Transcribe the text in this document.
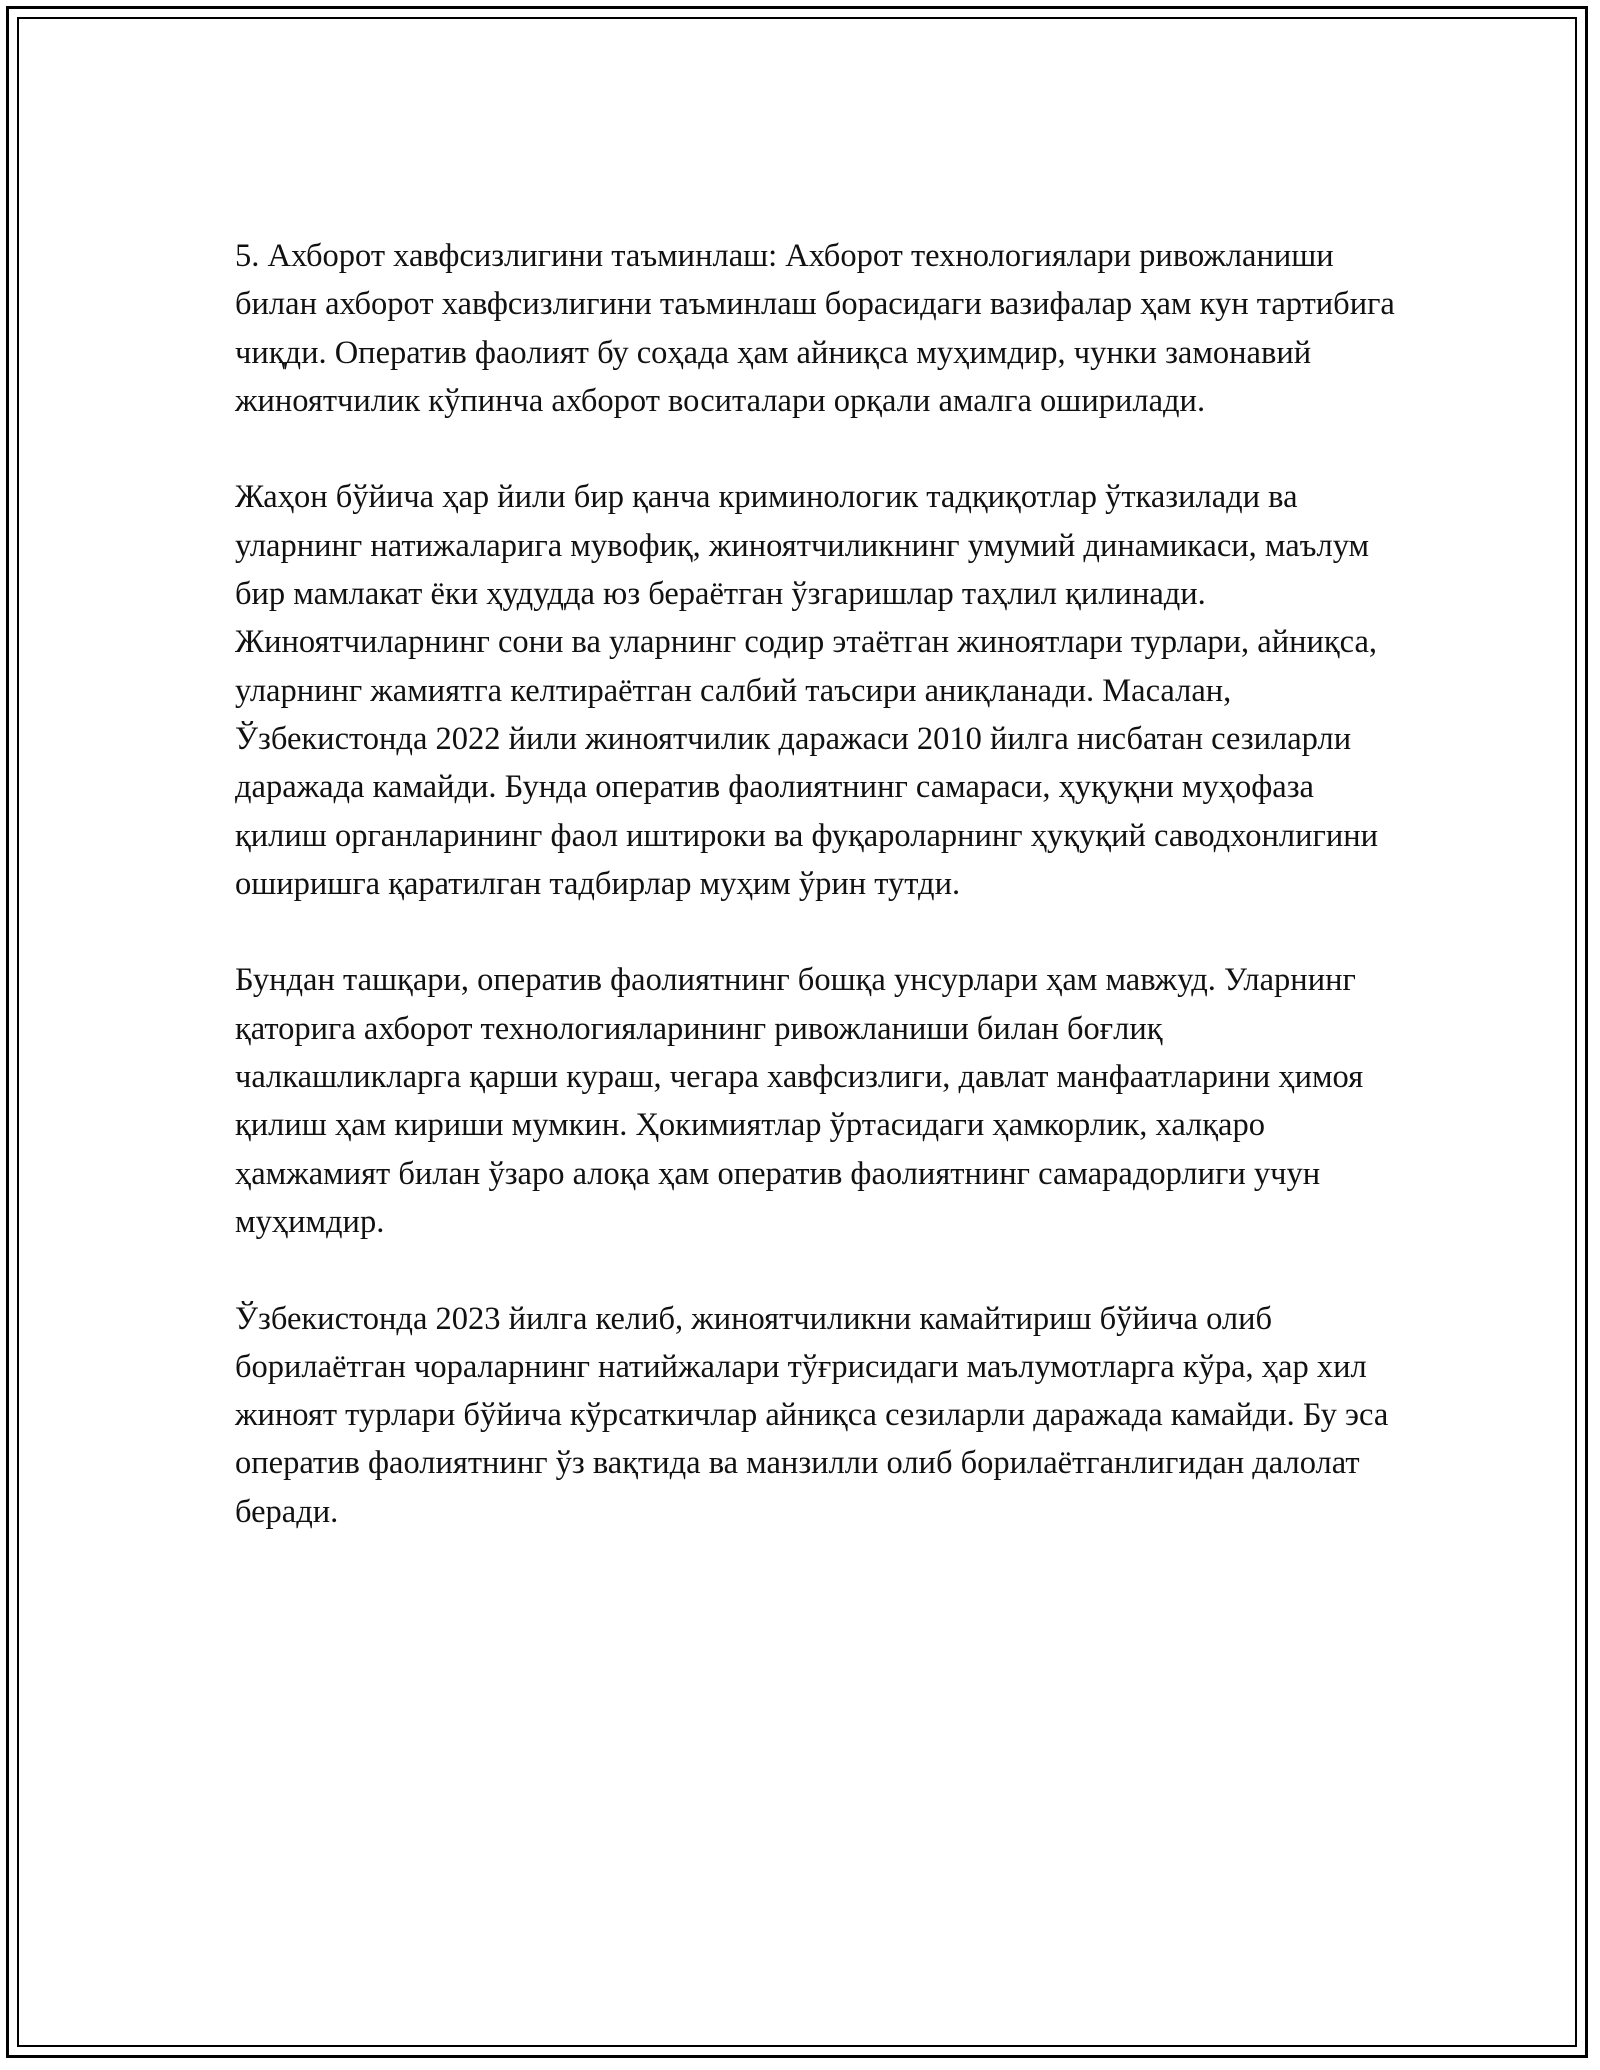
5. Ахборот хавфсизлигини таъминлаш: Ахборот технологиялари ривожланиши билан ахборот хавфсизлигини таъминлаш борасидаги вазифалар ҳам кун тартибига чиқди. Оператив фаолият бу соҳада ҳам айниқса муҳимдир, чунки замонавий жиноятчилик кўпинча ахборот воситалари орқали амалга оширилади.

Жаҳон бўйича ҳар йили бир қанча криминологик тадқиқотлар ўтказилади ва уларнинг натижаларига мувофиқ, жиноятчиликнинг умумий динамикаси, маълум бир мамлакат ёки ҳудудда юз бераётган ўзгаришлар таҳлил қилинади. Жиноятчиларнинг сони ва уларнинг содир этаётган жиноятлари турлари, айниқса, уларнинг жамиятга келтираётган салбий таъсири аниқланади. Масалан, Ўзбекистонда 2022 йили жиноятчилик даражаси 2010 йилга нисбатан сезиларли даражада камайди. Бунда оператив фаолиятнинг самараси, ҳуқуқни муҳофаза қилиш органларининг фаол иштироки ва фуқароларнинг ҳуқуқий саводхонлигини оширишга қаратилган тадбирлар муҳим ўрин тутди.

Бундан ташқари, оператив фаолиятнинг бошқа унсурлари ҳам мавжуд. Уларнинг қаторига ахборот технологияларининг ривожланиши билан боғлиқ чалкашликларга қарши кураш, чегара хавфсизлиги, давлат манфаатларини ҳимоя қилиш ҳам кириши мумкин. Ҳокимиятлар ўртасидаги ҳамкорлик, халқаро ҳамжамият билан ўзаро алоқа ҳам оператив фаолиятнинг самарадорлиги учун муҳимдир.

Ўзбекистонда 2023 йилга келиб, жиноятчиликни камайтириш бўйича олиб борилаётган чораларнинг натийжалари тўғрисидаги маълумотларга кўра, ҳар хил жиноят турлари бўйича кўрсаткичлар айниқса сезиларли даражада камайди. Бу эса оператив фаолиятнинг ўз вақтида ва манзилли олиб борилаётганлигидан далолат беради.
